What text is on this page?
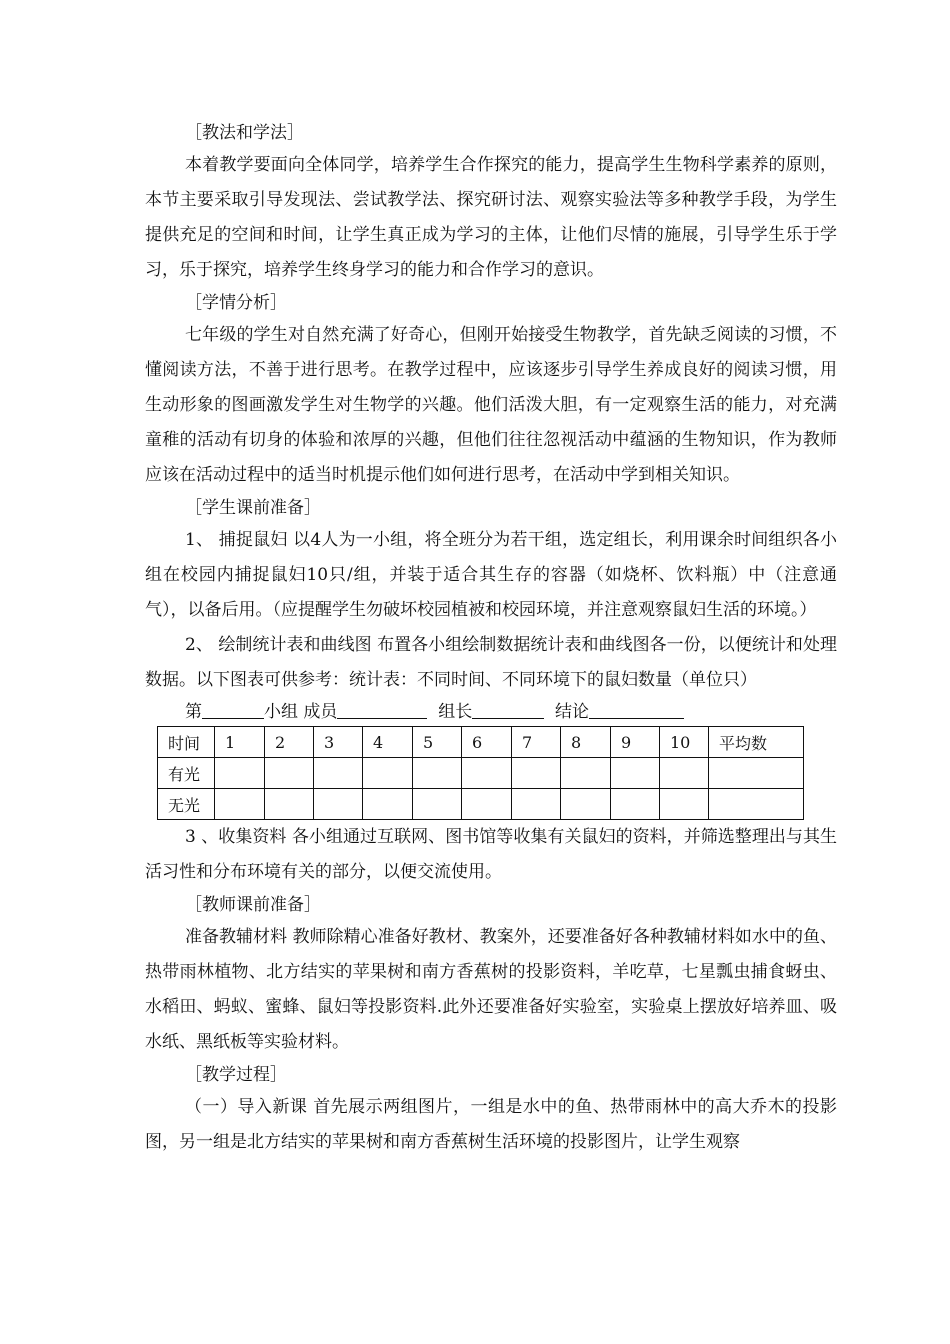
［教法和学法］

本着教学要面向全体同学，培养学生合作探究的能力，提高学生生物科学素养的原则，本节主要采取引导发现法、尝试教学法、探究研讨法、观察实验法等多种教学手段，为学生提供充足的空间和时间，让学生真正成为学习的主体，让他们尽情的施展，引导学生乐于学习，乐于探究，培养学生终身学习的能力和合作学习的意识。

［学情分析］

七年级的学生对自然充满了好奇心，但刚开始接受生物教学，首先缺乏阅读的习惯，不懂阅读方法，不善于进行思考。在教学过程中，应该逐步引导学生养成良好的阅读习惯，用生动形象的图画激发学生对生物学的兴趣。他们活泼大胆，有一定观察生活的能力，对充满童稚的活动有切身的体验和浓厚的兴趣，但他们往往忽视活动中蕴涵的生物知识，作为教师应该在活动过程中的适当时机提示他们如何进行思考，在活动中学到相关知识。

［学生课前准备］

1、 捕捉鼠妇 以4人为一小组，将全班分为若干组，选定组长，利用课余时间组织各小组在校园内捕捉鼠妇10只/组，并装于适合其生存的容器（如烧杯、饮料瓶）中（注意通气），以备后用。（应提醒学生勿破坏校园植被和校园环境，并注意观察鼠妇生活的环境。）

2、 绘制统计表和曲线图 布置各小组绘制数据统计表和曲线图各一份，以便统计和处理数据。以下图表可供参考：统计表：不同时间、不同环境下的鼠妇数量（单位只）

第	小组 成员	组长	结论

时间	1	2	3	4	5	6	7	8	9	10	平均数
有光											
无光											

3 、收集资料 各小组通过互联网、图书馆等收集有关鼠妇的资料，并筛选整理出与其生活习性和分布环境有关的部分，以便交流使用。

［教师课前准备］

准备教辅材料 教师除精心准备好教材、教案外，还要准备好各种教辅材料如水中的鱼、热带雨林植物、北方结实的苹果树和南方香蕉树的投影资料，羊吃草，七星瓢虫捕食蚜虫、水稻田、蚂蚁、蜜蜂、鼠妇等投影资料.此外还要准备好实验室，实验桌上摆放好培养皿、吸水纸、黑纸板等实验材料。

［教学过程］

（一）导入新课 首先展示两组图片，一组是水中的鱼、热带雨林中的高大乔木的投影图，另一组是北方结实的苹果树和南方香蕉树生活环境的投影图片，让学生观察
